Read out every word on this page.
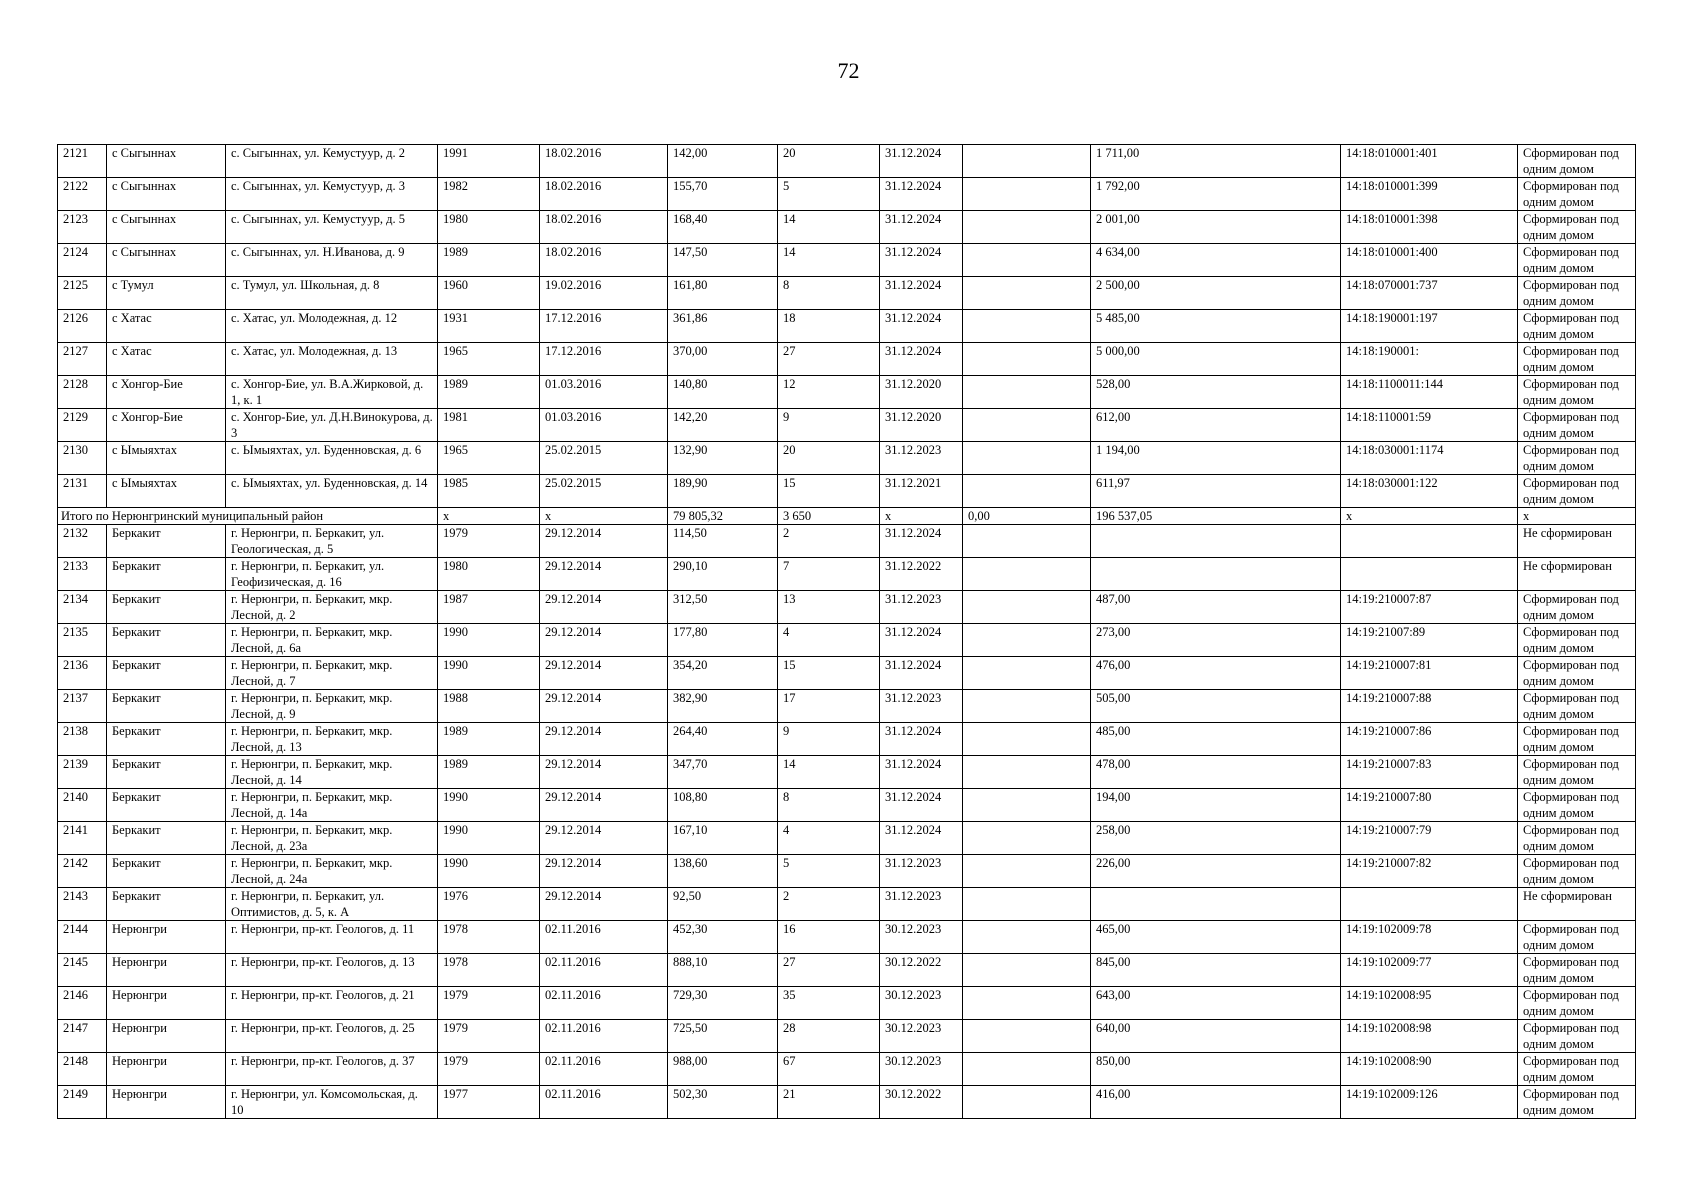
72
2121	с Сыгыннах	с. Сыгыннах, ул. Кемустуур, д. 2	1991	18.02.2016	142,00	20	31.12.2024		1 711,00	14:18:010001:401	Сформирован под одним домом
2122	с Сыгыннах	с. Сыгыннах, ул. Кемустуур, д. 3	1982	18.02.2016	155,70	5	31.12.2024		1 792,00	14:18:010001:399	Сформирован под одним домом
2123	с Сыгыннах	с. Сыгыннах, ул. Кемустуур, д. 5	1980	18.02.2016	168,40	14	31.12.2024		2 001,00	14:18:010001:398	Сформирован под одним домом
2124	с Сыгыннах	с. Сыгыннах, ул. Н.Иванова, д. 9	1989	18.02.2016	147,50	14	31.12.2024		4 634,00	14:18:010001:400	Сформирован под одним домом
2125	с Тумул	с. Тумул, ул. Школьная, д. 8	1960	19.02.2016	161,80	8	31.12.2024		2 500,00	14:18:070001:737	Сформирован под одним домом
2126	с Хатас	с. Хатас, ул. Молодежная, д. 12	1931	17.12.2016	361,86	18	31.12.2024		5 485,00	14:18:190001:197	Сформирован под одним домом
2127	с Хатас	с. Хатас, ул. Молодежная, д. 13	1965	17.12.2016	370,00	27	31.12.2024		5 000,00	14:18:190001:	Сформирован под одним домом
2128	с Хонгор-Бие	с. Хонгор-Бие, ул. В.А.Жирковой, д. 1, к. 1	1989	01.03.2016	140,80	12	31.12.2020		528,00	14:18:1100011:144	Сформирован под одним домом
2129	с Хонгор-Бие	с. Хонгор-Бие, ул. Д.Н.Винокурова, д. 3	1981	01.03.2016	142,20	9	31.12.2020		612,00	14:18:110001:59	Сформирован под одним домом
2130	с Ымыяхтах	с. Ымыяхтах, ул. Буденновская, д. 6	1965	25.02.2015	132,90	20	31.12.2023		1 194,00	14:18:030001:1174	Сформирован под одним домом
2131	с Ымыяхтах	с. Ымыяхтах, ул. Буденновская, д. 14	1985	25.02.2015	189,90	15	31.12.2021		611,97	14:18:030001:122	Сформирован под одним домом
Итого по Нерюнгринский муниципальный район			x	x	79 805,32	3 650	x	0,00	196 537,05	x	x
2132	Беркакит	г. Нерюнгри, п. Беркакит, ул. Геологическая, д. 5	1979	29.12.2014	114,50	2	31.12.2024				Не сформирован
2133	Беркакит	г. Нерюнгри, п. Беркакит, ул. Геофизическая, д. 16	1980	29.12.2014	290,10	7	31.12.2022				Не сформирован
2134	Беркакит	г. Нерюнгри, п. Беркакит, мкр. Лесной, д. 2	1987	29.12.2014	312,50	13	31.12.2023		487,00	14:19:210007:87	Сформирован под одним домом
2135	Беркакит	г. Нерюнгри, п. Беркакит, мкр. Лесной, д. 6а	1990	29.12.2014	177,80	4	31.12.2024		273,00	14:19:21007:89	Сформирован под одним домом
2136	Беркакит	г. Нерюнгри, п. Беркакит, мкр. Лесной, д. 7	1990	29.12.2014	354,20	15	31.12.2024		476,00	14:19:210007:81	Сформирован под одним домом
2137	Беркакит	г. Нерюнгри, п. Беркакит, мкр. Лесной, д. 9	1988	29.12.2014	382,90	17	31.12.2023		505,00	14:19:210007:88	Сформирован под одним домом
2138	Беркакит	г. Нерюнгри, п. Беркакит, мкр. Лесной, д. 13	1989	29.12.2014	264,40	9	31.12.2024		485,00	14:19:210007:86	Сформирован под одним домом
2139	Беркакит	г. Нерюнгри, п. Беркакит, мкр. Лесной, д. 14	1989	29.12.2014	347,70	14	31.12.2024		478,00	14:19:210007:83	Сформирован под одним домом
2140	Беркакит	г. Нерюнгри, п. Беркакит, мкр. Лесной, д. 14а	1990	29.12.2014	108,80	8	31.12.2024		194,00	14:19:210007:80	Сформирован под одним домом
2141	Беркакит	г. Нерюнгри, п. Беркакит, мкр. Лесной, д. 23а	1990	29.12.2014	167,10	4	31.12.2024		258,00	14:19:210007:79	Сформирован под одним домом
2142	Беркакит	г. Нерюнгри, п. Беркакит, мкр. Лесной, д. 24а	1990	29.12.2014	138,60	5	31.12.2023		226,00	14:19:210007:82	Сформирован под одним домом
2143	Беркакит	г. Нерюнгри, п. Беркакит, ул. Оптимистов, д. 5, к. А	1976	29.12.2014	92,50	2	31.12.2023				Не сформирован
2144	Нерюнгри	г. Нерюнгри, пр-кт. Геологов, д. 11	1978	02.11.2016	452,30	16	30.12.2023		465,00	14:19:102009:78	Сформирован под одним домом
2145	Нерюнгри	г. Нерюнгри, пр-кт. Геологов, д. 13	1978	02.11.2016	888,10	27	30.12.2022		845,00	14:19:102009:77	Сформирован под одним домом
2146	Нерюнгри	г. Нерюнгри, пр-кт. Геологов, д. 21	1979	02.11.2016	729,30	35	30.12.2023		643,00	14:19:102008:95	Сформирован под одним домом
2147	Нерюнгри	г. Нерюнгри, пр-кт. Геологов, д. 25	1979	02.11.2016	725,50	28	30.12.2023		640,00	14:19:102008:98	Сформирован под одним домом
2148	Нерюнгри	г. Нерюнгри, пр-кт. Геологов, д. 37	1979	02.11.2016	988,00	67	30.12.2023		850,00	14:19:102008:90	Сформирован под одним домом
2149	Нерюнгри	г. Нерюнгри, ул. Комсомольская, д. 10	1977	02.11.2016	502,30	21	30.12.2022		416,00	14:19:102009:126	Сформирован под одним домом
